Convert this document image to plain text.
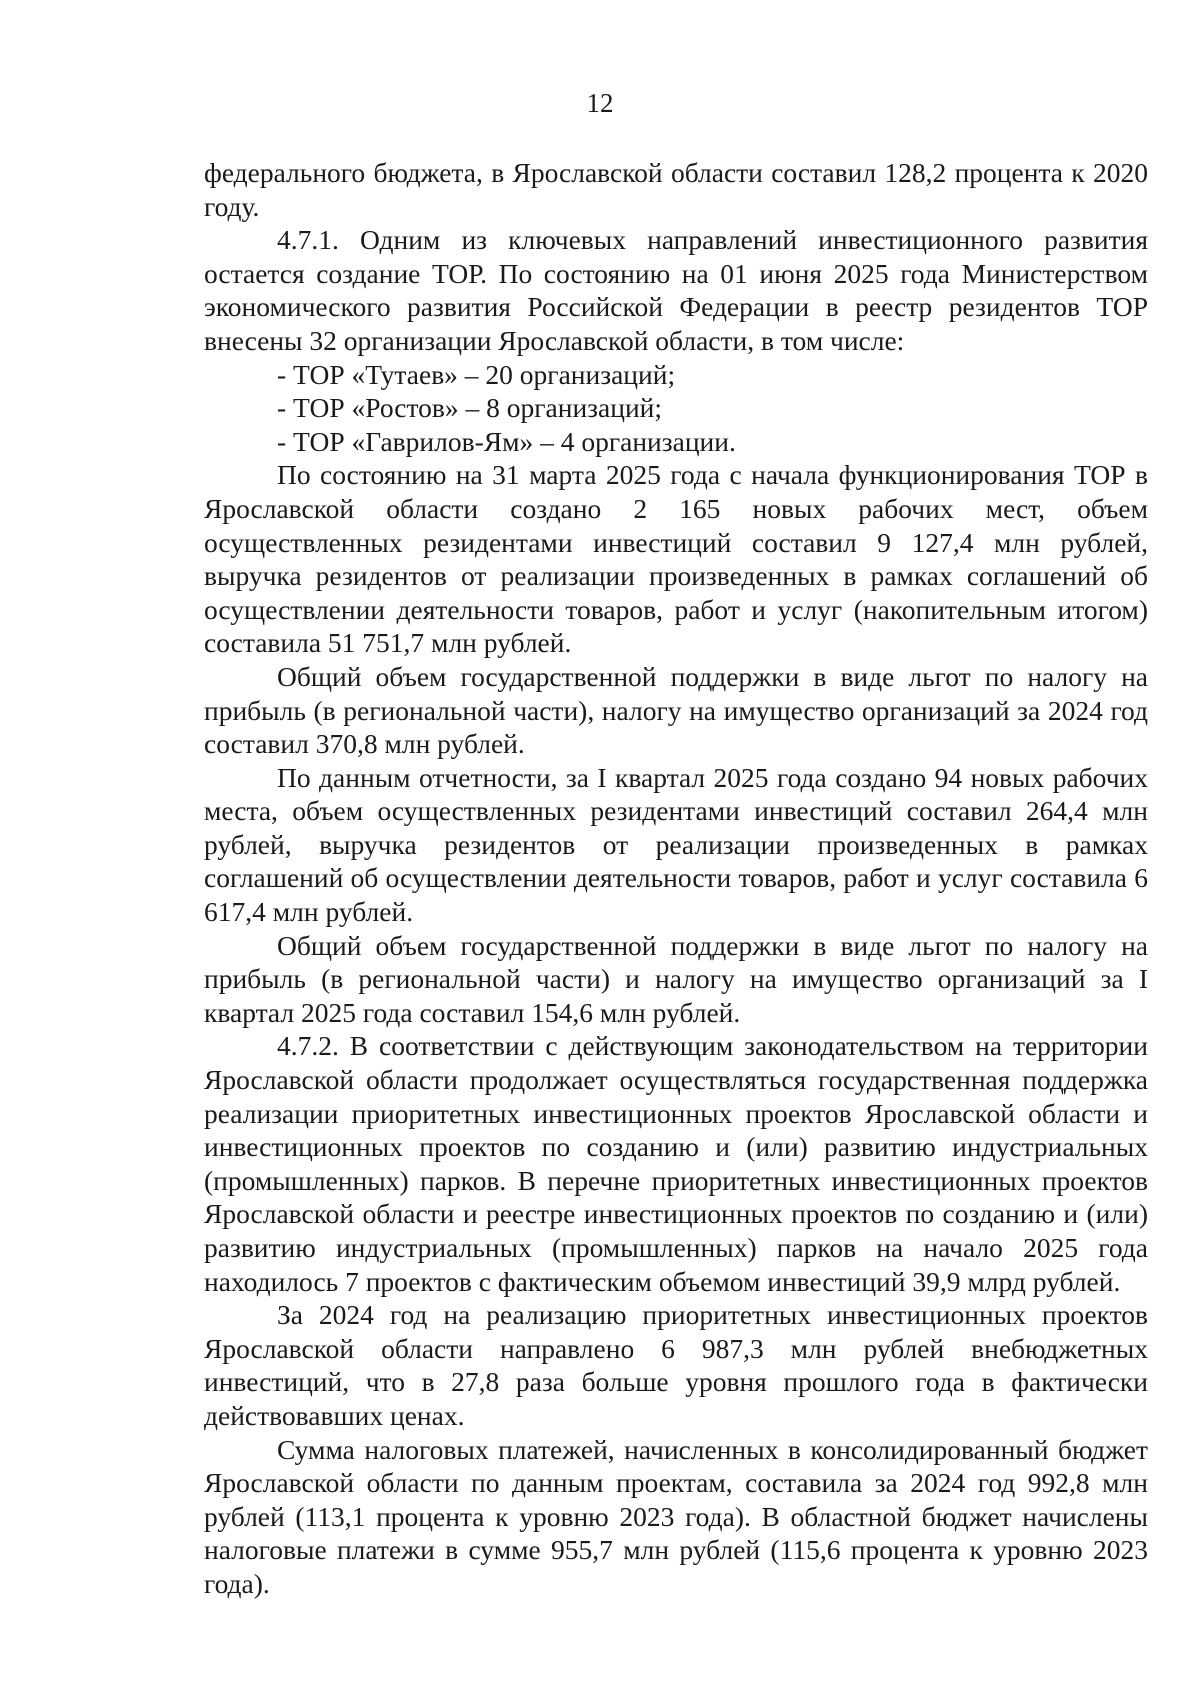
12

федерального бюджета, в Ярославской области составил 128,2 процента к 2020 году.

4.7.1. Одним из ключевых направлений инвестиционного развития остается создание ТОР. По состоянию на 01 июня 2025 года Министерством экономического развития Российской Федерации в реестр резидентов ТОР внесены 32 организации Ярославской области, в том числе:

- ТОР «Тутаев» – 20 организаций;

- ТОР «Ростов» – 8 организаций;

- ТОР «Гаврилов-Ям» – 4 организации.

По состоянию на 31 марта 2025 года с начала функционирования ТОР в Ярославской области создано 2 165 новых рабочих мест, объем осуществленных резидентами инвестиций составил 9 127,4 млн рублей, выручка резидентов от реализации произведенных в рамках соглашений об осуществлении деятельности товаров, работ и услуг (накопительным итогом) составила 51 751,7 млн рублей.

Общий объем государственной поддержки в виде льгот по налогу на прибыль (в региональной части), налогу на имущество организаций за 2024 год составил 370,8 млн рублей.

По данным отчетности, за I квартал 2025 года создано 94 новых рабочих места, объем осуществленных резидентами инвестиций составил 264,4 млн рублей, выручка резидентов от реализации произведенных в рамках соглашений об осуществлении деятельности товаров, работ и услуг составила 6 617,4 млн рублей.

Общий объем государственной поддержки в виде льгот по налогу на прибыль (в региональной части) и налогу на имущество организаций за I квартал 2025 года составил 154,6 млн рублей.

4.7.2. В соответствии с действующим законодательством на территории Ярославской области продолжает осуществляться государственная поддержка реализации приоритетных инвестиционных проектов Ярославской области и инвестиционных проектов по созданию и (или) развитию индустриальных (промышленных) парков. В перечне приоритетных инвестиционных проектов Ярославской области и реестре инвестиционных проектов по созданию и (или) развитию индустриальных (промышленных) парков на начало 2025 года находилось 7 проектов с фактическим объемом инвестиций 39,9 млрд рублей.

За 2024 год на реализацию приоритетных инвестиционных проектов Ярославской области направлено 6 987,3 млн рублей внебюджетных инвестиций, что в 27,8 раза больше уровня прошлого года в фактически действовавших ценах.

Сумма налоговых платежей, начисленных в консолидированный бюджет Ярославской области по данным проектам, составила за 2024 год 992,8 млн рублей (113,1 процента к уровню 2023 года). В областной бюджет начислены налоговые платежи в сумме 955,7 млн рублей (115,6 процента к уровню 2023 года).
